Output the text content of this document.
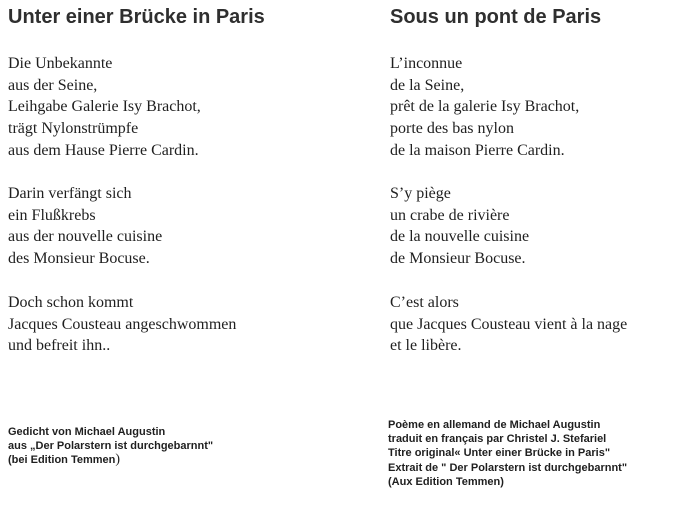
Unter einer Brücke in Paris
Die Unbekannte
aus der Seine,
Leihgabe Galerie Isy Brachot,
trägt Nylonstrümpfe
aus dem Hause Pierre Cardin.
Darin verfängt sich
ein Flußkrebs
aus der nouvelle cuisine
des Monsieur Bocuse.
Doch schon kommt
Jacques Cousteau angeschwommen
und befreit ihn..
Gedicht von Michael Augustin
aus „Der Polarstern ist durchgebarnnt"
(bei Edition Temmen)
Sous un pont de Paris
L’inconnue
de la Seine,
prêt de la galerie Isy Brachot,
porte des bas nylon
de la maison Pierre Cardin.
S’y piège
un crabe de rivière
de la nouvelle cuisine
de Monsieur Bocuse.
C’est alors
que Jacques Cousteau vient à la nage
et le libère.
Poème en allemand de Michael Augustin
traduit en français par Christel J. Stefariel
Titre original« Unter einer Brücke in Paris"
Extrait de " Der Polarstern ist durchgebarnnt"
(Aux Edition Temmen)
